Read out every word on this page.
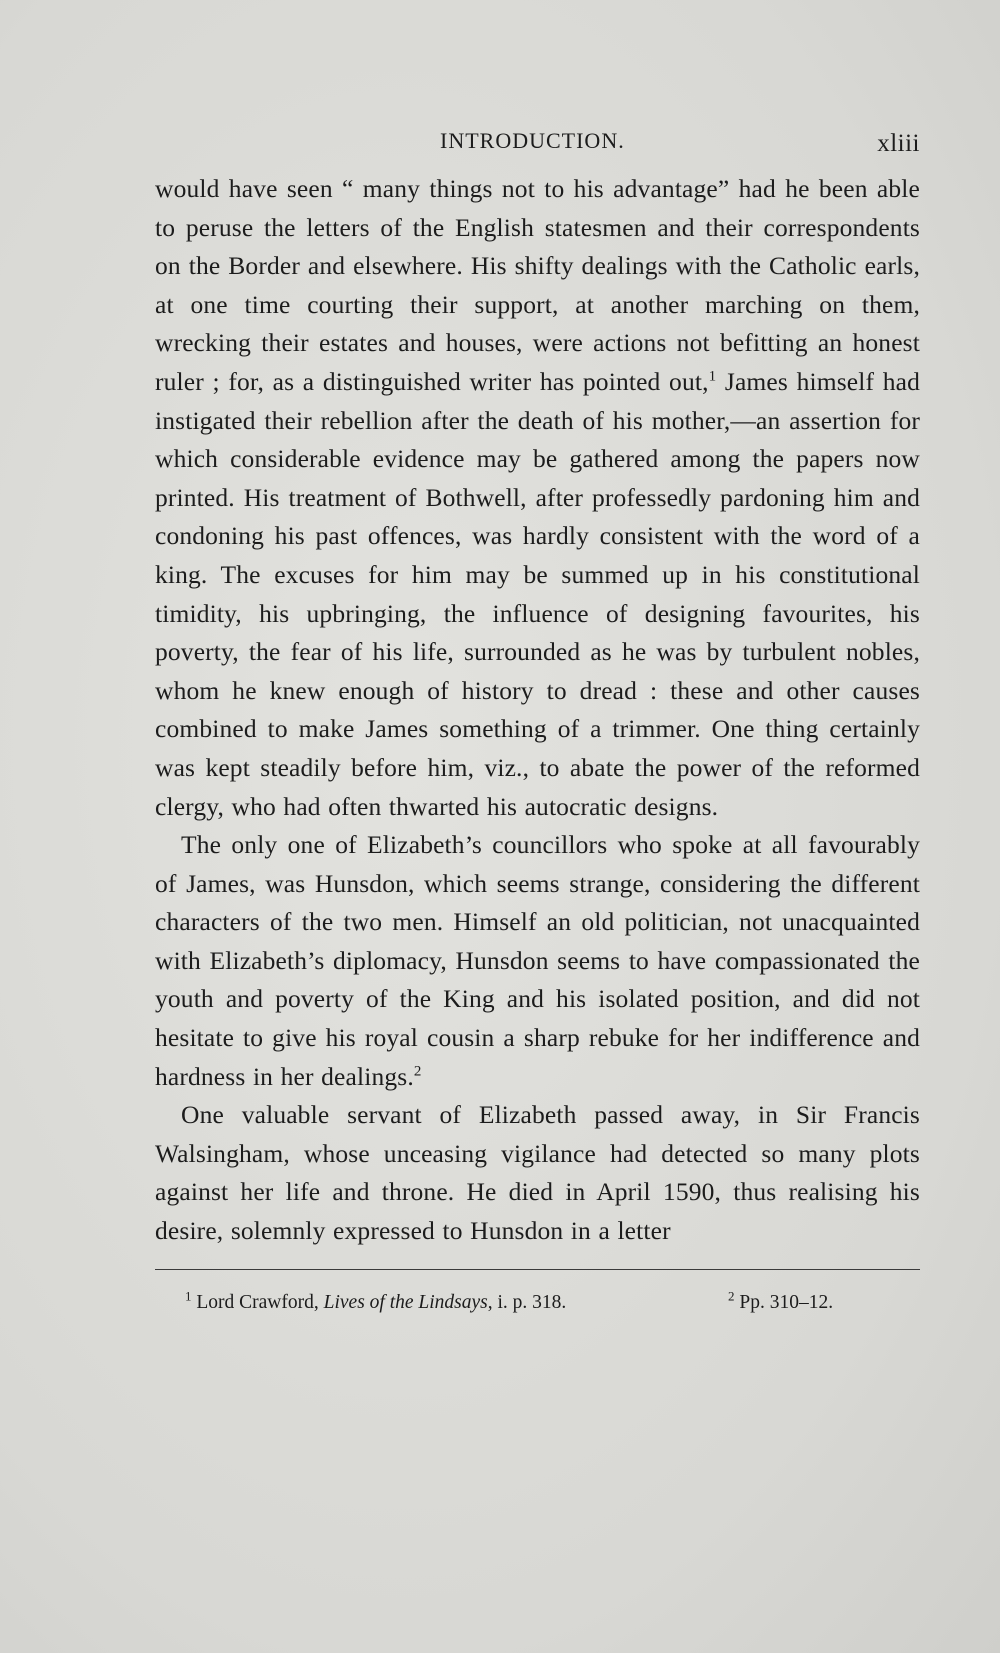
INTRODUCTION.	xliii

would have seen “ many things not to his advantage” had he been able to peruse the letters of the English statesmen and their correspondents on the Border and elsewhere. His shifty dealings with the Catholic earls, at one time courting their support, at another marching on them, wrecking their estates and houses, were actions not befitting an honest ruler ; for, as a distinguished writer has pointed out,$^1$ James himself had instigated their rebellion after the death of his mother,—an assertion for which considerable evidence may be gathered among the papers now printed. His treatment of Bothwell, after professedly pardoning him and condoning his past offences, was hardly consistent with the word of a king. The excuses for him may be summed up in his constitutional timidity, his upbringing, the influence of designing favourites, his poverty, the fear of his life, surrounded as he was by turbulent nobles, whom he knew enough of history to dread : these and other causes combined to make James something of a trimmer. One thing certainly was kept steadily before him, viz., to abate the power of the reformed clergy, who had often thwarted his autocratic designs.

The only one of Elizabeth’s councillors who spoke at all favourably of James, was Hunsdon, which seems strange, considering the different characters of the two men. Himself an old politician, not unacquainted with Elizabeth’s diplomacy, Hunsdon seems to have compassionated the youth and poverty of the King and his isolated position, and did not hesitate to give his royal cousin a sharp rebuke for her indifference and hardness in her dealings.$^2$

One valuable servant of Elizabeth passed away, in Sir Francis Walsingham, whose unceasing vigilance had detected so many plots against her life and throne. He died in April 1590, thus realising his desire, solemnly expressed to Hunsdon in a letter

$^1$ Lord Crawford, Lives of the Lindsays, i. p. 318.	$^2$ Pp. 310–12.
